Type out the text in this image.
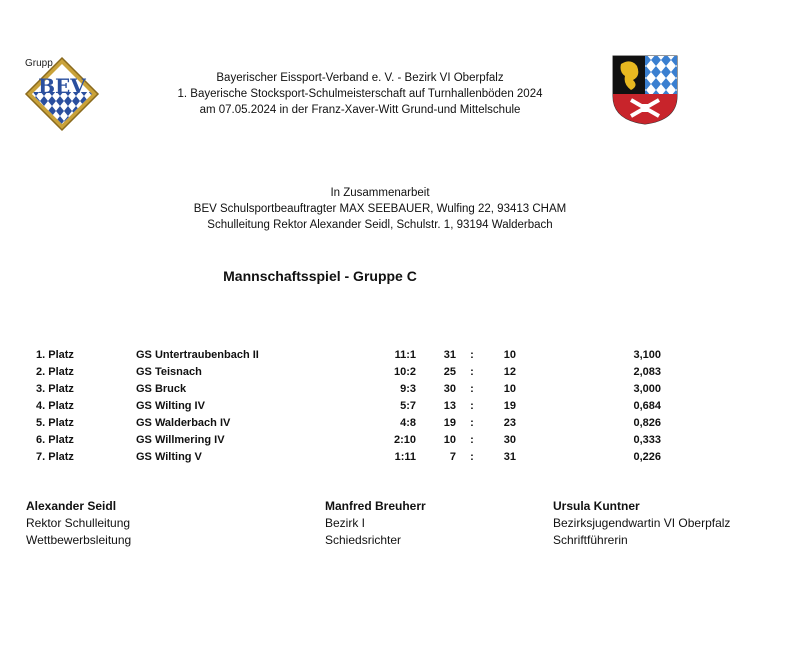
BEV
Grupp
Bayerischer Eissport-Verband e. V. - Bezirk VI Oberpfalz
1. Bayerische Stocksport-Schulmeisterschaft auf Turnhallenböden 2024
am 07.05.2024 in der Franz-Xaver-Witt Grund-und Mittelschule
In Zusammenarbeit
BEV Schulsportbeauftragter MAX SEEBAUER, Wulfing 22, 93413 CHAM
Schulleitung Rektor Alexander Seidl, Schulstr. 1, 93194 Walderbach
Mannschaftsspiel - Gruppe C
1. Platz	GS Untertraubenbach II	11:1	31	:	10	3,100
2. Platz	GS Teisnach	10:2	25	:	12	2,083
3. Platz	GS Bruck	9:3	30	:	10	3,000
4. Platz	GS Wilting IV	5:7	13	:	19	0,684
5. Platz	GS Walderbach IV	4:8	19	:	23	0,826
6. Platz	GS Willmering IV	2:10	10	:	30	0,333
7. Platz	GS Wilting V	1:11	7	:	31	0,226
Alexander Seidl
Rektor Schulleitung
Wettbewerbsleitung
Manfred Breuherr
Bezirk I
Schiedsrichter
Ursula Kuntner
Bezirksjugendwartin VI Oberpfalz
Schriftführerin
